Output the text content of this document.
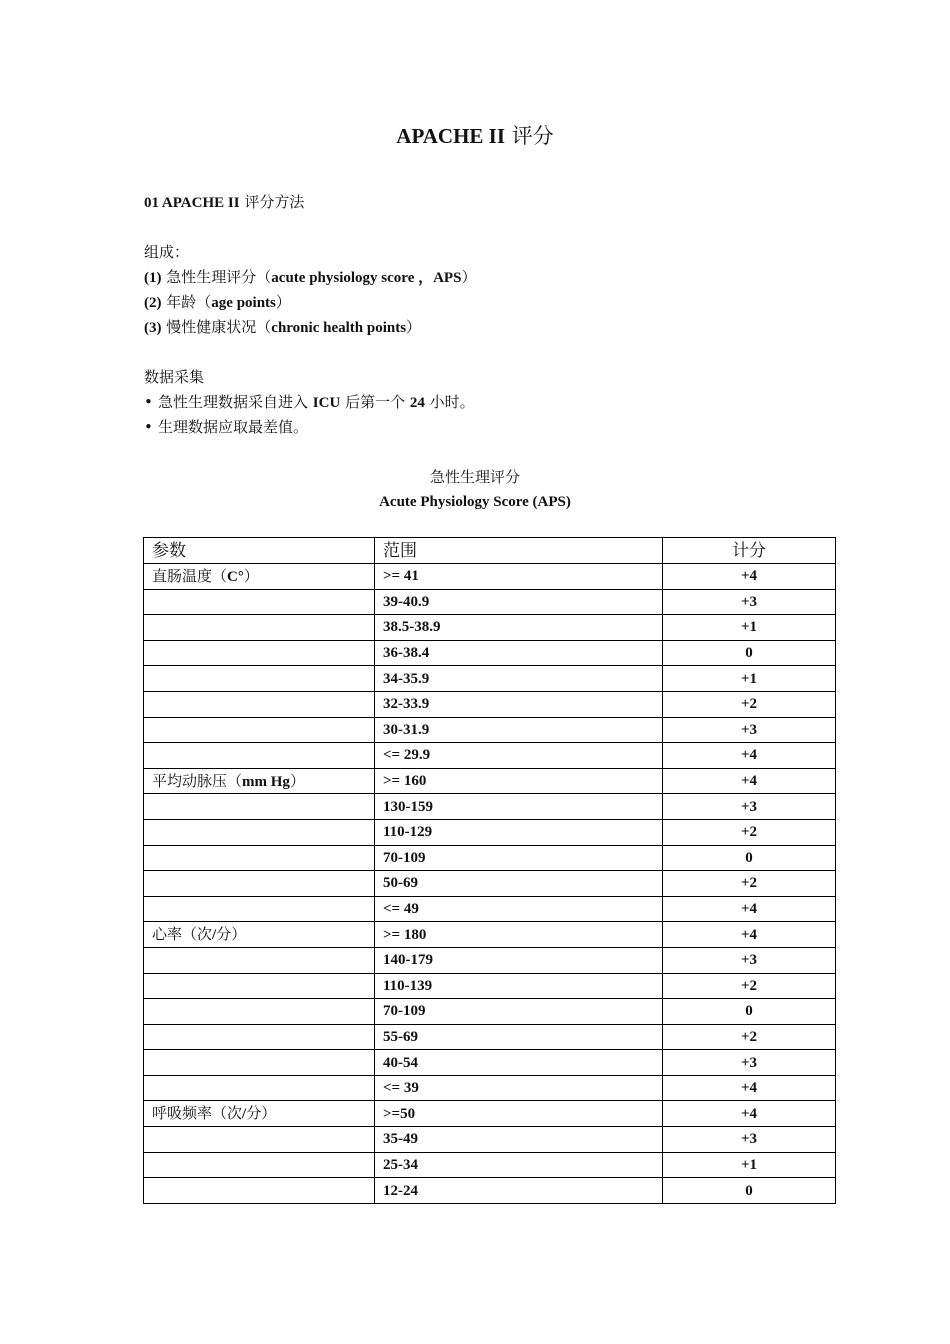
APACHE II 评分
01 APACHE II 评分方法
组成：
(1) 急性生理评分（acute physiology score ，APS）
(2) 年龄（age points）
(3) 慢性健康状况（chronic health points）
数据采集
• 急性生理数据采自进入 ICU 后第一个 24 小时。
• 生理数据应取最差值。
急性生理评分
Acute Physiology Score (APS)
参数	范围	计分
直肠温度（C°）	>= 41	+4
	39-40.9	+3
	38.5-38.9	+1
	36-38.4	0
	34-35.9	+1
	32-33.9	+2
	30-31.9	+3
	<= 29.9	+4
平均动脉压（mm Hg）	>= 160	+4
	130-159	+3
	110-129	+2
	70-109	0
	50-69	+2
	<= 49	+4
心率（次/分）	>= 180	+4
	140-179	+3
	110-139	+2
	70-109	0
	55-69	+2
	40-54	+3
	<= 39	+4
呼吸频率（次/分）	>=50	+4
	35-49	+3
	25-34	+1
	12-24	0
